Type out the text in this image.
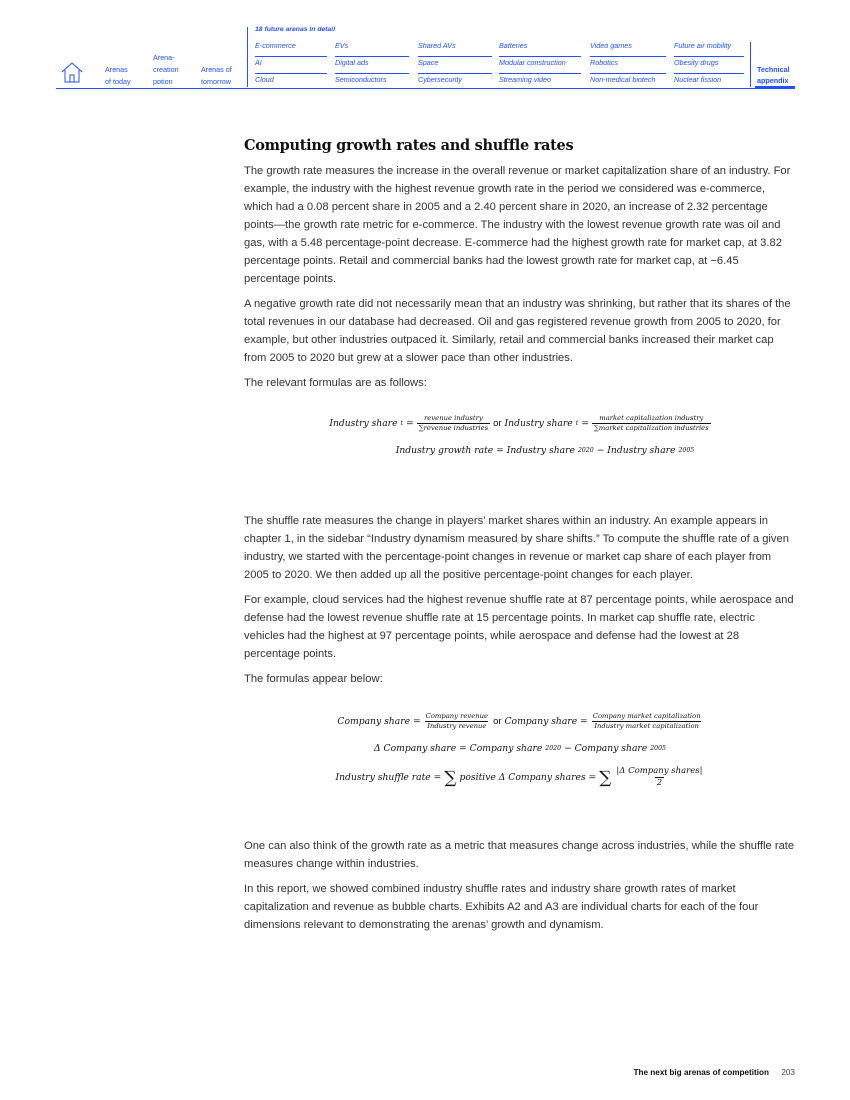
Arenas
of today
Arena-
creation
potion
Arenas of
tomorrow
18 future arenas in detail
E-commerce
AI
Cloud
EVs
Digital ads
Semiconductors
Shared AVs
Space
Cybersecurity
Batteries
Modular construction
Streaming video
Video games
Robotics
Non-medical biotech
Future air mobility
Obesity drugs
Nuclear fission
Technical
appendix
Computing growth rates and shuffle rates

The growth rate measures the increase in the overall revenue or market capitalization share of an industry. For example, the industry with the highest revenue growth rate in the period we considered was e-commerce, which had a 0.08 percent share in 2005 and a 2.40 percent share in 2020, an increase of 2.32 percentage points—the growth rate metric for e-commerce. The industry with the lowest revenue growth rate was oil and gas, with a 5.48 percentage-point decrease. E-commerce had the highest growth rate for market cap, at 3.82 percentage points. Retail and commercial banks had the lowest growth rate for market cap, at −6.45 percentage points.

A negative growth rate did not necessarily mean that an industry was shrinking, but rather that its shares of the total revenues in our database had decreased. Oil and gas registered revenue growth from 2005 to 2020, for example, but other industries outpaced it. Similarly, retail and commercial banks increased their market cap from 2005 to 2020 but grew at a slower pace than other industries.

The relevant formulas are as follows:

Industry share $t = \frac{\text{revenue industry}}{\text{∑revenue industries}}$ or Industry share $t = \frac{\text{market capitalization industry}}{\text{∑market capitalization industries}}$
Industry growth rate = Industry share 2020 − Industry share 2005

The shuffle rate measures the change in players’ market shares within an industry. An example appears in chapter 1, in the sidebar “Industry dynamism measured by share shifts.” To compute the shuffle rate of a given industry, we started with the percentage-point changes in revenue or market cap share of each player from 2005 to 2020. We then added up all the positive percentage-point changes for each player.

For example, cloud services had the highest revenue shuffle rate at 87 percentage points, while aerospace and defense had the lowest revenue shuffle rate at 15 percentage points. In market cap shuffle rate, electric vehicles had the highest at 97 percentage points, while aerospace and defense had the lowest at 28 percentage points.

The formulas appear below:

Company share = $\frac{\text{Company revenue}}{\text{Industry revenue}}$ or Company share = $\frac{\text{Company market capitalization}}{\text{Industry market capitalization}}$
Δ Company share = Company share 2020 − Company share 2005
Industry shuffle rate = ∑ positive Δ Company shares = ∑ $\frac{\text{|Δ Company shares|}}{2}$

One can also think of the growth rate as a metric that measures change across industries, while the shuffle rate measures change within industries.

In this report, we showed combined industry shuffle rates and industry share growth rates of market capitalization and revenue as bubble charts. Exhibits A2 and A3 are individual charts for each of the four dimensions relevant to demonstrating the arenas’ growth and dynamism.

The next big arenas of competition 203
